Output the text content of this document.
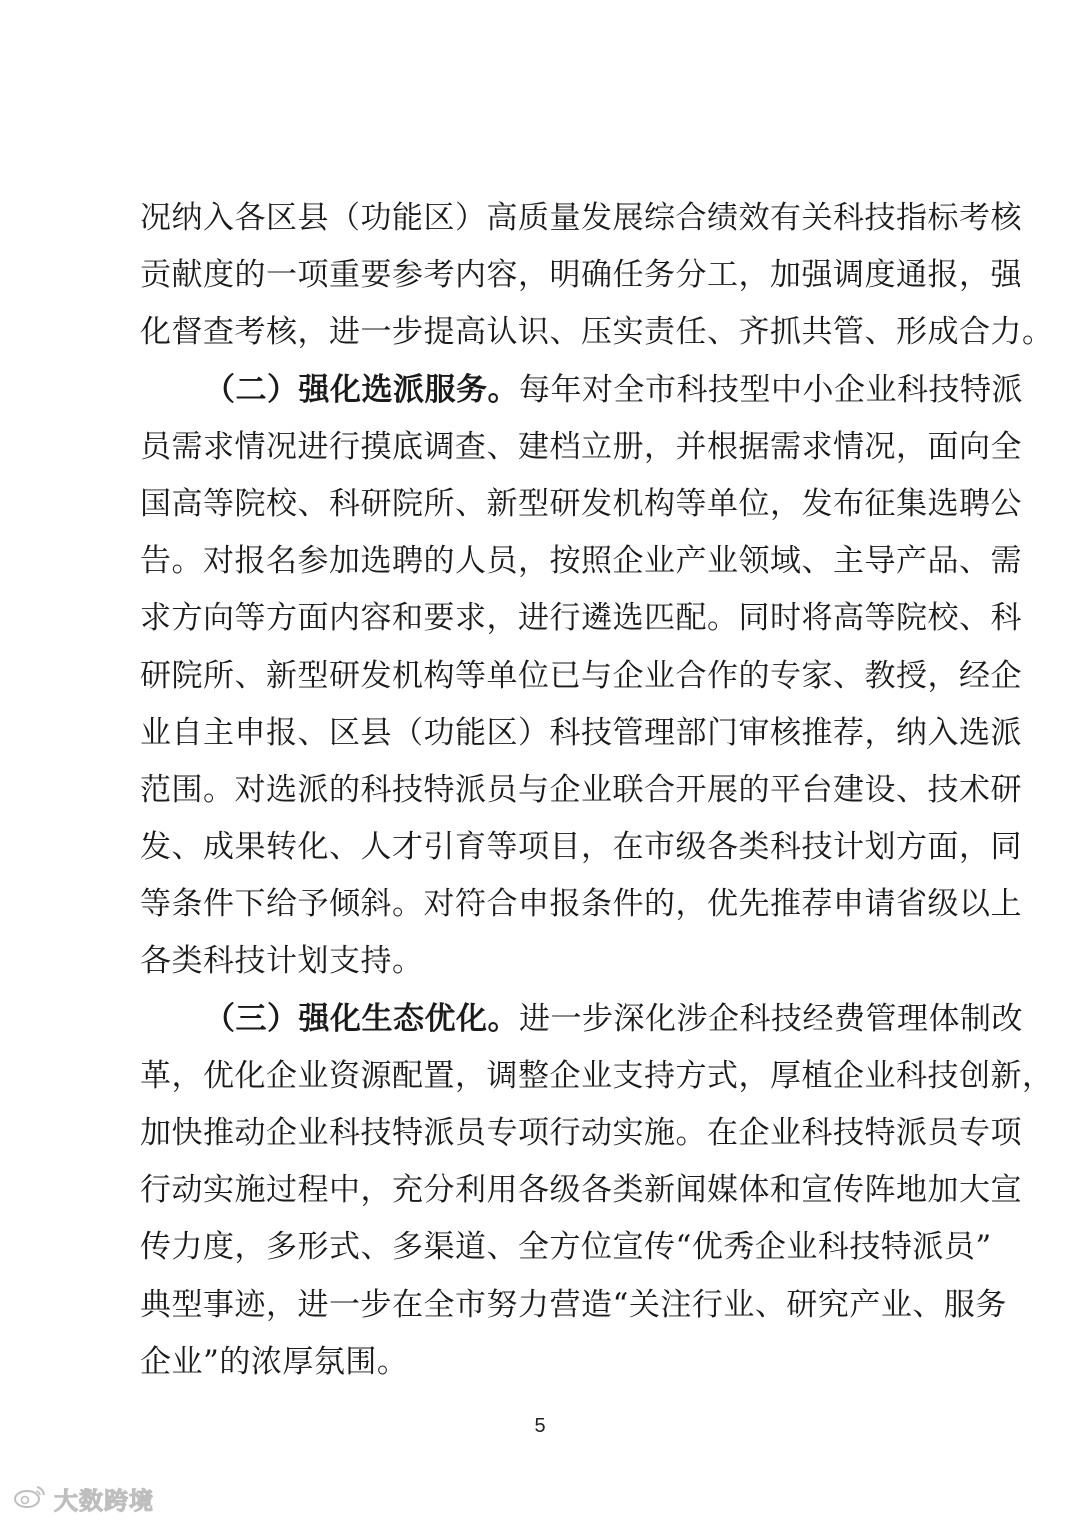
况纳入各区县（功能区）高质量发展综合绩效有关科技指标考核
贡献度的一项重要参考内容，明确任务分工，加强调度通报，强
化督查考核，进一步提高认识、压实责任、齐抓共管、形成合力。
（二）强化选派服务。每年对全市科技型中小企业科技特派
员需求情况进行摸底调查、建档立册，并根据需求情况，面向全
国高等院校、科研院所、新型研发机构等单位，发布征集选聘公
告。对报名参加选聘的人员，按照企业产业领域、主导产品、需
求方向等方面内容和要求，进行遴选匹配。同时将高等院校、科
研院所、新型研发机构等单位已与企业合作的专家、教授，经企
业自主申报、区县（功能区）科技管理部门审核推荐，纳入选派
范围。对选派的科技特派员与企业联合开展的平台建设、技术研
发、成果转化、人才引育等项目，在市级各类科技计划方面，同
等条件下给予倾斜。对符合申报条件的，优先推荐申请省级以上
各类科技计划支持。
（三）强化生态优化。进一步深化涉企科技经费管理体制改
革，优化企业资源配置，调整企业支持方式，厚植企业科技创新，
加快推动企业科技特派员专项行动实施。在企业科技特派员专项
行动实施过程中，充分利用各级各类新闻媒体和宣传阵地加大宣
传力度，多形式、多渠道、全方位宣传“优秀企业科技特派员”
典型事迹，进一步在全市努力营造“关注行业、研究产业、服务
企业”的浓厚氛围。
5
大数跨境
